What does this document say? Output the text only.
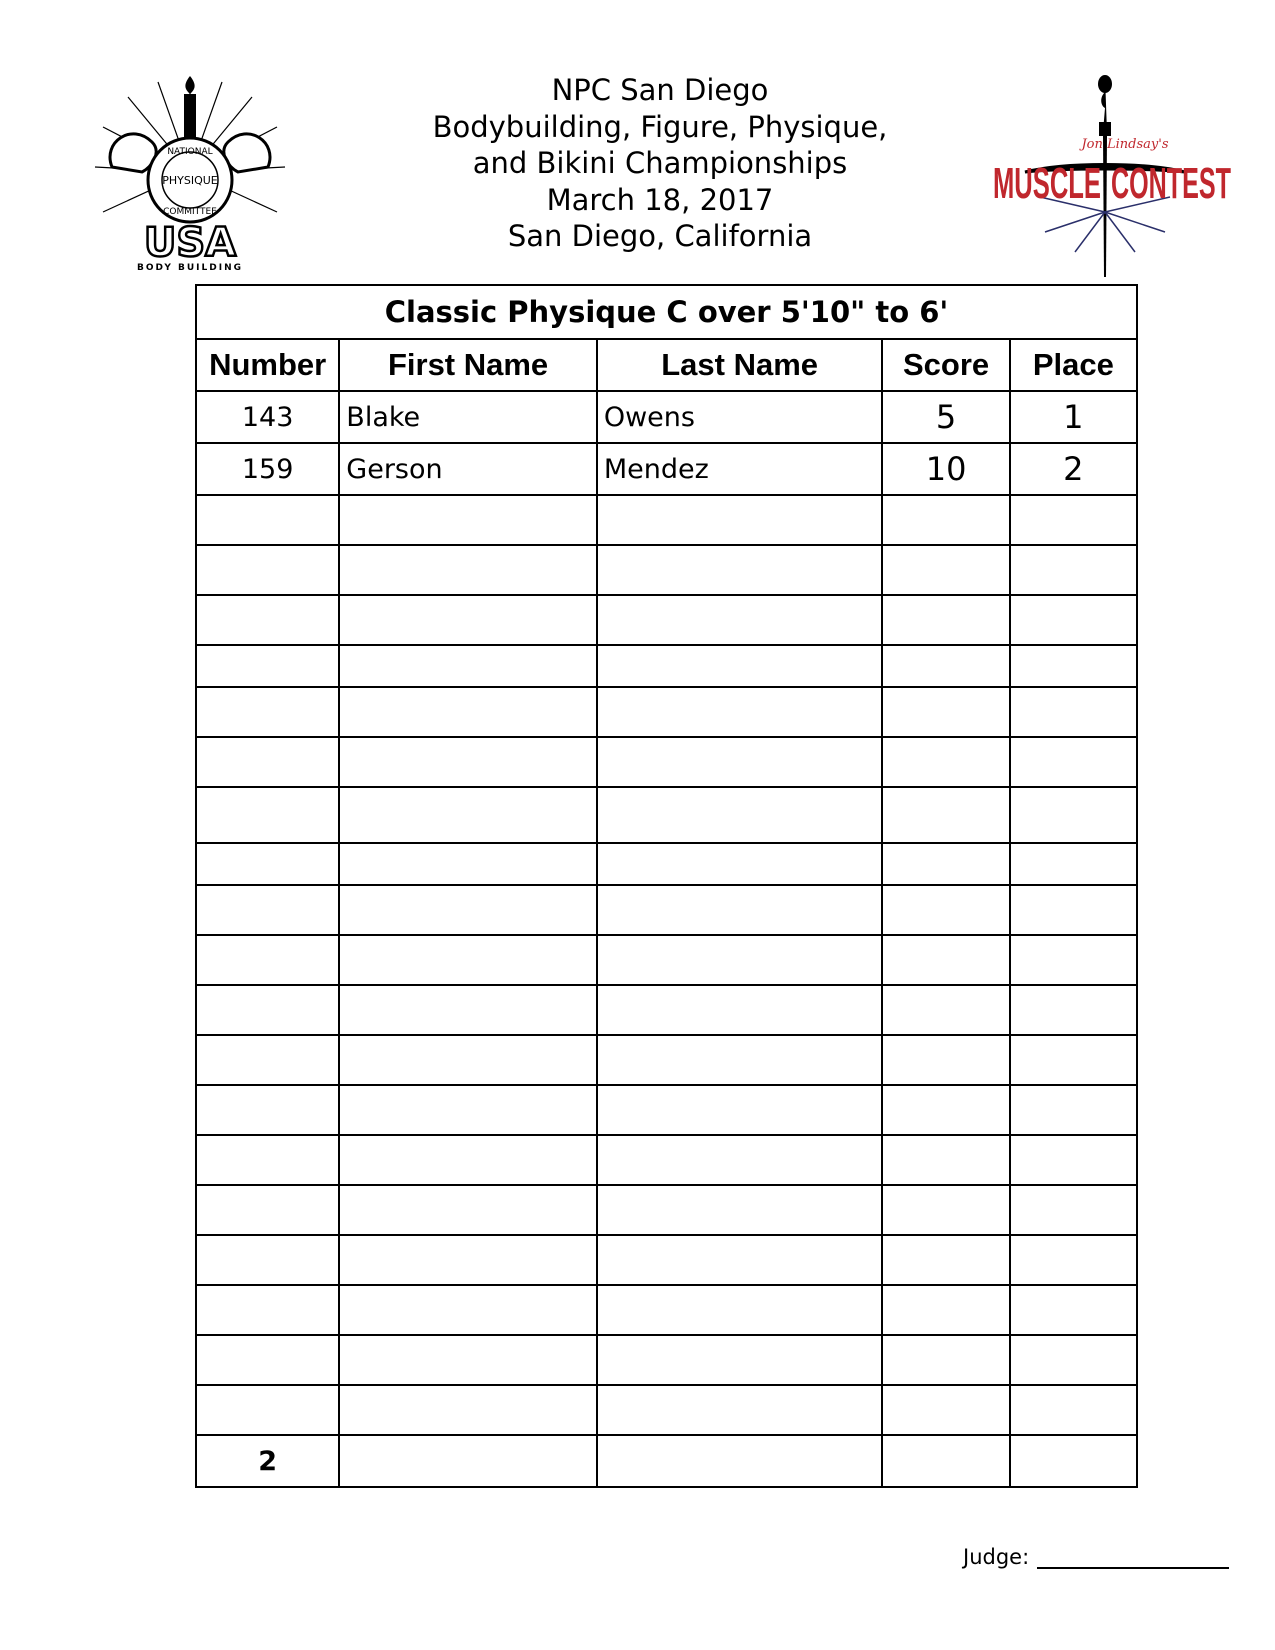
NATIONAL
PHYSIQUE
COMMITTEE
USA
BODY BUILDING
Jon Lindsay's
MUSCLE CONTEST
NPC San Diego
Bodybuilding, Figure, Physique,
and Bikini Championships
March 18, 2017
San Diego, California
Classic Physique C over 5'10" to 6'				
Number	First Name	Last Name	Score	Place
143	Blake	Owens	5	1
159	Gerson	Mendez	10	2

2				
Judge:
